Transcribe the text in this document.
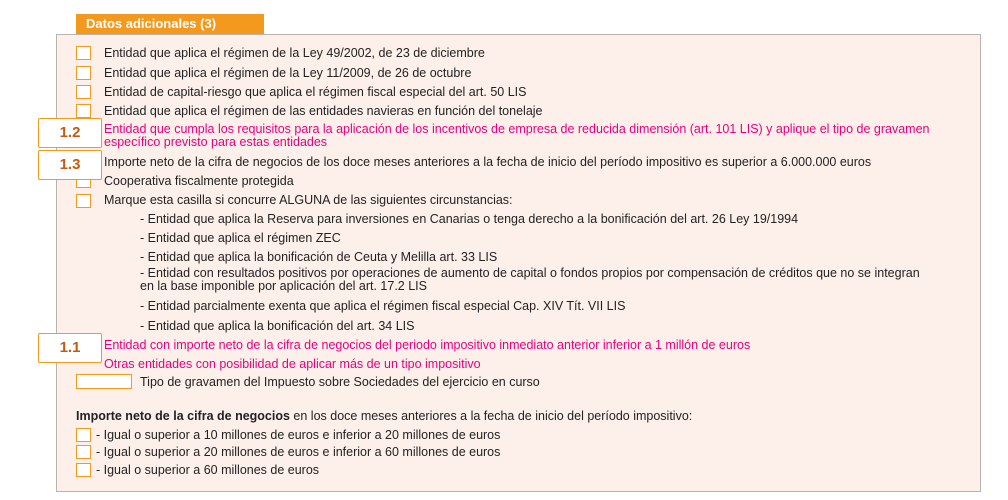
Datos adicionales (3)
Entidad que aplica el régimen de la Ley 49/2002, de 23 de diciembre
Entidad que aplica el régimen de la Ley 11/2009, de 26 de octubre
Entidad de capital-riesgo que aplica el régimen fiscal especial del art. 50 LIS
Entidad que aplica el régimen de las entidades navieras en función del tonelaje
Entidad que cumpla los requisitos para la aplicación de los incentivos de empresa de reducida dimensión (art. 101 LIS) y aplique el tipo de gravamen específico previsto para estas entidades
Importe neto de la cifra de negocios de los doce meses anteriores a la fecha de inicio del período impositivo es superior a 6.000.000 euros
Cooperativa fiscalmente protegida
Marque esta casilla si concurre ALGUNA de las siguientes circunstancias:
- Entidad que aplica la Reserva para inversiones en Canarias o tenga derecho a la bonificación del art. 26 Ley 19/1994
- Entidad que aplica el régimen ZEC
- Entidad que aplica la bonificación de Ceuta y Melilla art. 33 LIS
- Entidad con resultados positivos por operaciones de aumento de capital o fondos propios por compensación de créditos que no se integran en la base imponible por aplicación del art. 17.2 LIS
- Entidad parcialmente exenta que aplica el régimen fiscal especial Cap. XIV Tít. VII LIS
- Entidad que aplica la bonificación del art. 34 LIS
Entidad con importe neto de la cifra de negocios del periodo impositivo inmediato anterior inferior a 1 millón de euros
Otras entidades con posibilidad de aplicar más de un tipo impositivo
Tipo de gravamen del Impuesto sobre Sociedades del ejercicio en curso
Importe neto de la cifra de negocios en los doce meses anteriores a la fecha de inicio del período impositivo:
- Igual o superior a 10 millones de euros e inferior a 20 millones de euros
- Igual o superior a 20 millones de euros e inferior a 60 millones de euros
- Igual o superior a 60 millones de euros
1.2
1.3
1.1
